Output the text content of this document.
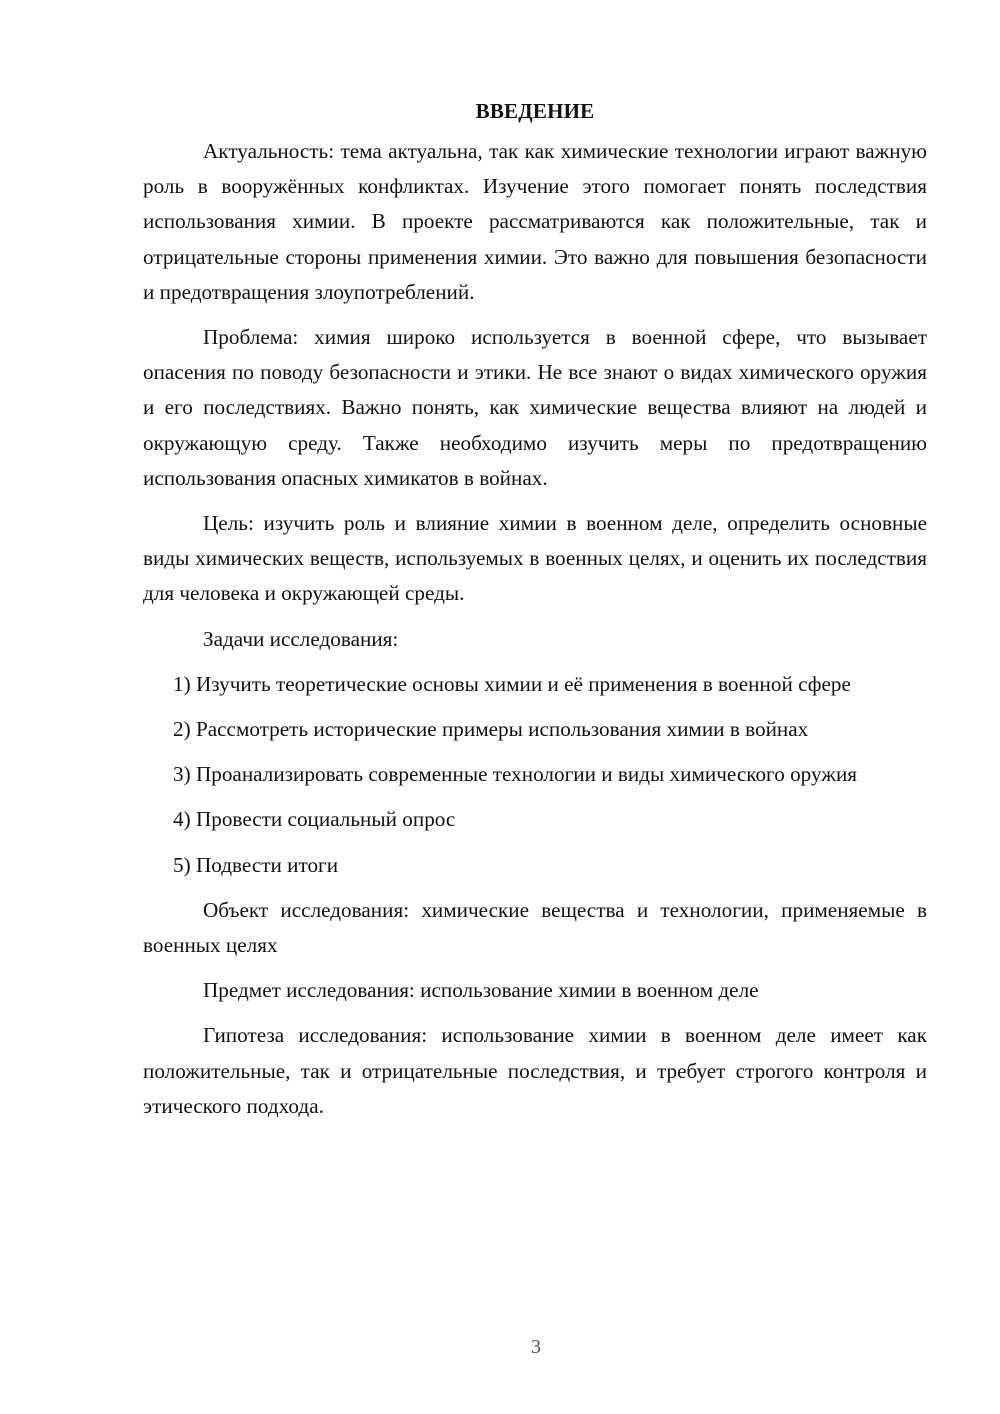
ВВЕДЕНИЕ

Актуальность: тема актуальна, так как химические технологии играют важную роль в вооружённых конфликтах. Изучение этого помогает понять последствия использования химии. В проекте рассматриваются как положительные, так и отрицательные стороны применения химии. Это важно для повышения безопасности и предотвращения злоупотреблений.

Проблема: химия широко используется в военной сфере, что вызывает опасения по поводу безопасности и этики. Не все знают о видах химического оружия и его последствиях. Важно понять, как химические вещества влияют на людей и окружающую среду. Также необходимо изучить меры по предотвращению использования опасных химикатов в войнах.

Цель: изучить роль и влияние химии в военном деле, определить основные виды химических веществ, используемых в военных целях, и оценить их последствия для человека и окружающей среды.

Задачи исследования:

1) Изучить теоретические основы химии и её применения в военной сфере

2) Рассмотреть исторические примеры использования химии в войнах

3) Проанализировать современные технологии и виды химического оружия

4) Провести социальный опрос

5) Подвести итоги

Объект исследования: химические вещества и технологии, применяемые в военных целях

Предмет исследования: использование химии в военном деле

Гипотеза исследования: использование химии в военном деле имеет как положительные, так и отрицательные последствия, и требует строгого контроля и этического подхода.

3
